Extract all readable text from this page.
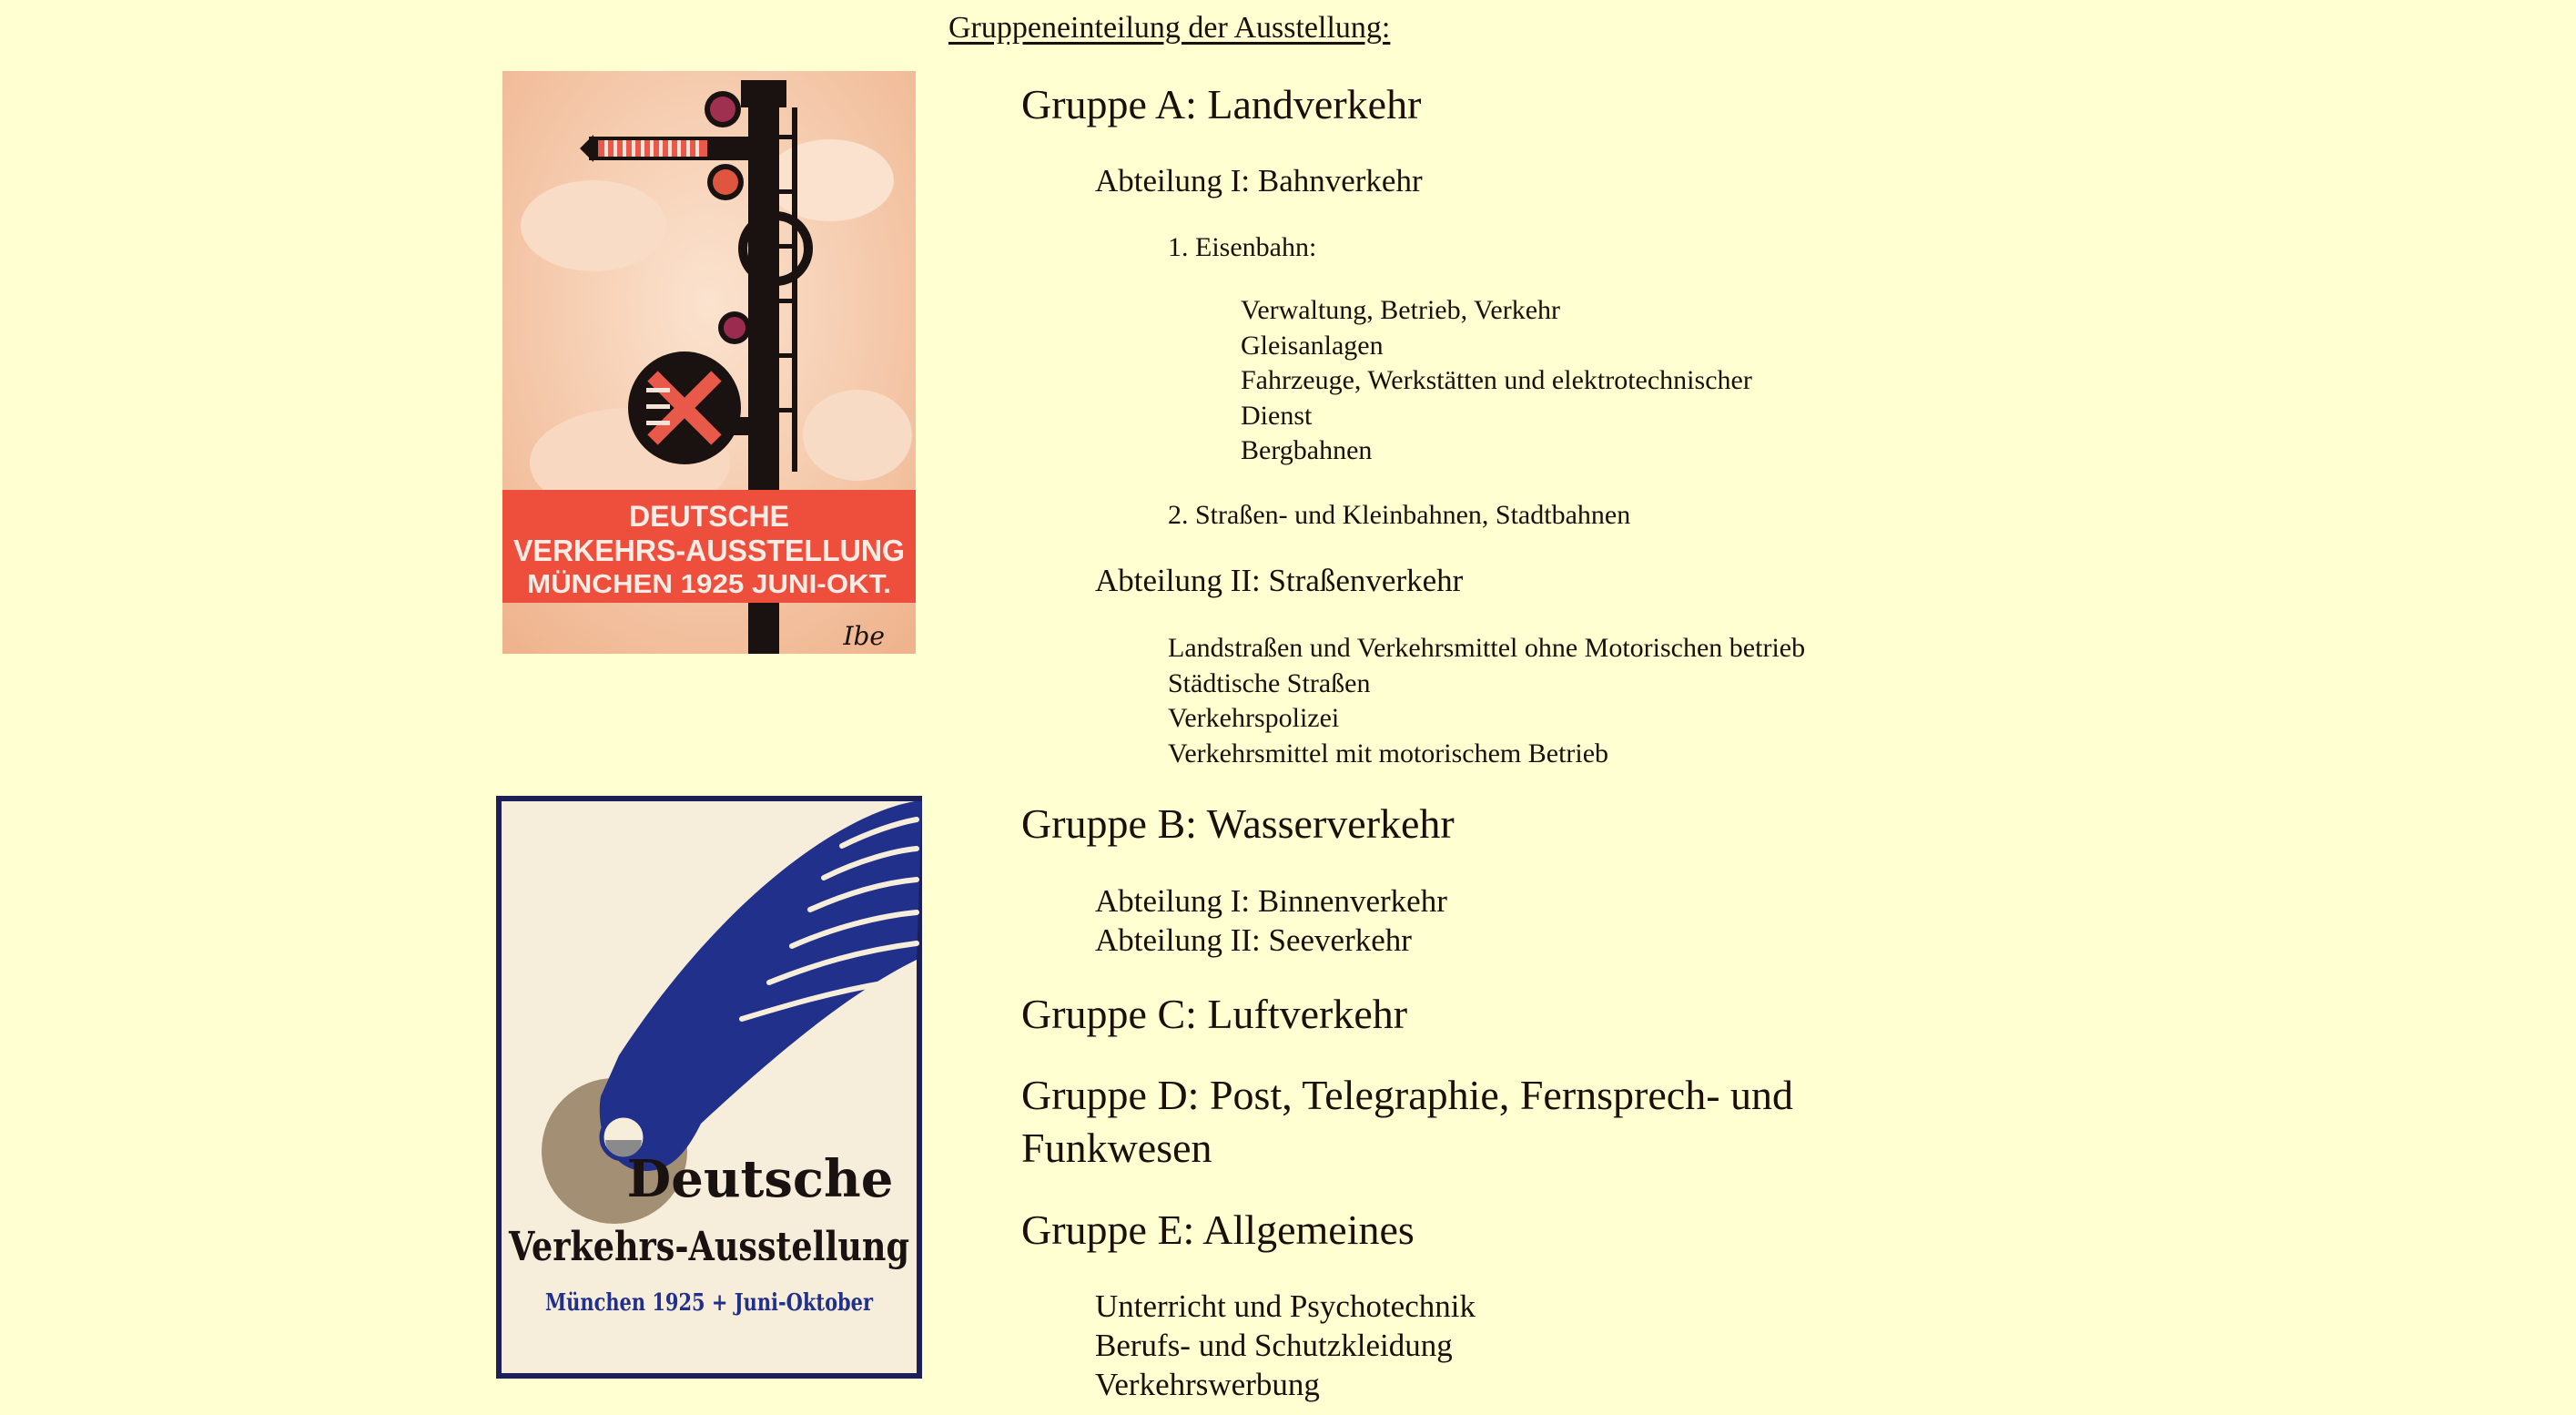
Gruppeneinteilung der Ausstellung:
DEUTSCHE
VERKEHRS-AUSSTELLUNG
MÜNCHEN 1925 JUNI-OKT.
Ibe
Deutsche
Verkehrs-Ausstellung
München 1925 + Juni-Oktober
Gruppe A: Landverkehr
Abteilung I: Bahnverkehr
1. Eisenbahn:
Verwaltung, Betrieb, Verkehr
Gleisanlagen
Fahrzeuge, Werkstätten und elektrotechnischer
Dienst
Bergbahnen
2. Straßen- und Kleinbahnen, Stadtbahnen
Abteilung II: Straßenverkehr
Landstraßen und Verkehrsmittel ohne Motorischen betrieb
Städtische Straßen
Verkehrspolizei
Verkehrsmittel mit motorischem Betrieb
Gruppe B: Wasserverkehr
Abteilung I: Binnenverkehr
Abteilung II: Seeverkehr
Gruppe C: Luftverkehr
Gruppe D: Post, Telegraphie, Fernsprech- und
Funkwesen
Gruppe E: Allgemeines
Unterricht und Psychotechnik
Berufs- und Schutzkleidung
Verkehrswerbung
